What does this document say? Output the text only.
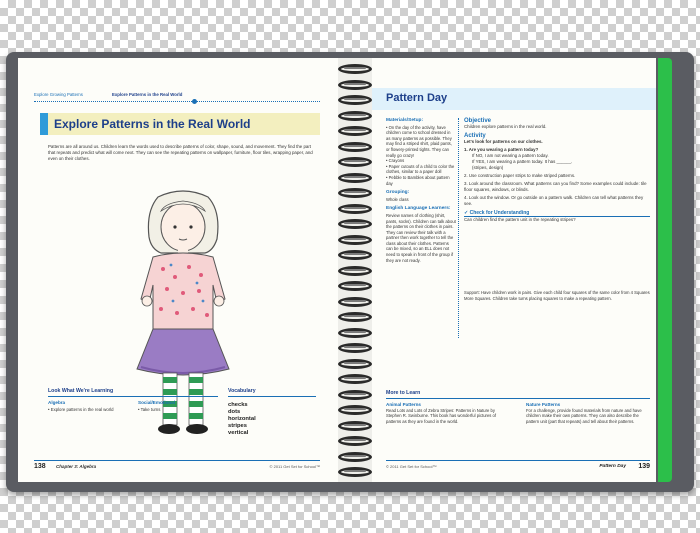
Explore Growing Patterns	Explore Patterns in the Real World
Explore Patterns in the Real World
Patterns are all around us. Children learn the words used to describe patterns of color, shape, sound, and movement. They find the part that repeats and predict what will come next. They can see the repeating patterns on wallpaper, furniture, floor tiles, wrapping paper, and even on their clothes.
Look What We're Learning	Vocabulary
Algebra
• Explore patterns in the real world
Social/Emotional
• Take turns
checks
dots
horizontal
stripes
vertical
138 Chapter 3: Algebra	© 2011 Get Set for School™
Pattern Day
Materials/Setup:
• On the day of the activity, have children come to school dressed in as many patterns as possible. They may find a striped shirt, plaid pants, or flowery-printed tights. They can really go crazy!
• Crayons
• Paper cutouts of a child to color the clothes, similar to a paper doll
• Pebble to Bambles about pattern day
Grouping:
Whole class
English Language Learners:
Review names of clothing (shirt, pants, socks). Children can talk about the patterns on their clothes in pairs. They can review their talk with a partner then work together to tell the class about their clothes. Patterns can be mixed, so an ELL does not need to speak in front of the group if they are not ready.
Objective
Children explore patterns in the real world.
Activity
Let's look for patterns on our clothes.
1. Are you wearing a pattern today?
If NO, I am not wearing a pattern today.
If YES, I am wearing a pattern today. It has ______.
(stripes, design)
2. Use construction paper strips to make striped patterns.
3. Look around the classroom. What patterns can you find? Some examples could include: tile floor squares, windows, or blinds.
4. Look out the window. Or go outside on a pattern walk. Children can tell what patterns they see.
✓ Check for Understanding
Can children find the pattern unit in the repeating stripes?
Support: Have children work in pairs. Give each child four squares of the same color from 4 Squares More Squares. Children take turns placing squares to make a repeating pattern.
More to Learn
Animal Patterns
Read Lots and Lots of Zebra Stripes: Patterns in Nature by Stephen R. Swinburne. This book has wonderful pictures of patterns as they are found in the world.
Nature Patterns
For a challenge, provide found materials from nature and have children make their own patterns. They can also describe the pattern unit (part that repeats) and tell about their patterns.
© 2011 Get Set for School™	Pattern Day 139
